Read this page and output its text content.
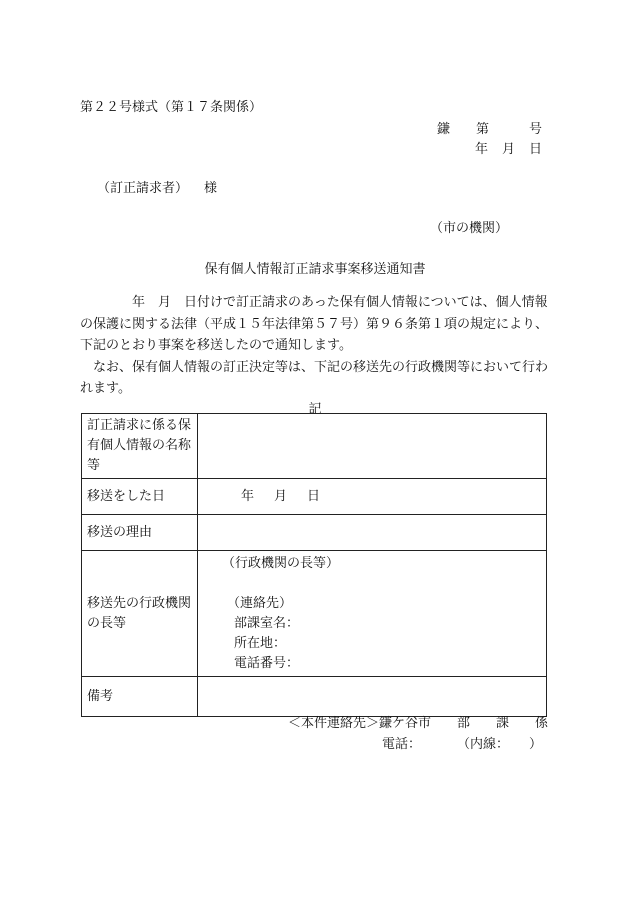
第２２号様式（第１７条関係）
鎌 第	号
年 月 日
（訂正請求者） 様
（市の機関）
保有個人情報訂正請求事案移送通知書

年 月 日付けで訂正請求のあった保有個人情報については、個人情報の保護に関する法律（平成１５年法律第５７号）第９６条第１項の規定により、下記のとおり事案を移送したので通知します。

なお、保有個人情報の訂正決定等は、下記の移送先の行政機関等において行われます。

記
訂正請求に係る保有個人情報の名称等	
移送をした日	年 月 日
移送の理由	
移送先の行政機関の長等	（行政機関の長等）
（連絡先）
部課室名：
所在地：
電話番号：

備考	
＜本件連絡先＞鎌ケ谷市 部 課 係
電話：	（内線： ）
